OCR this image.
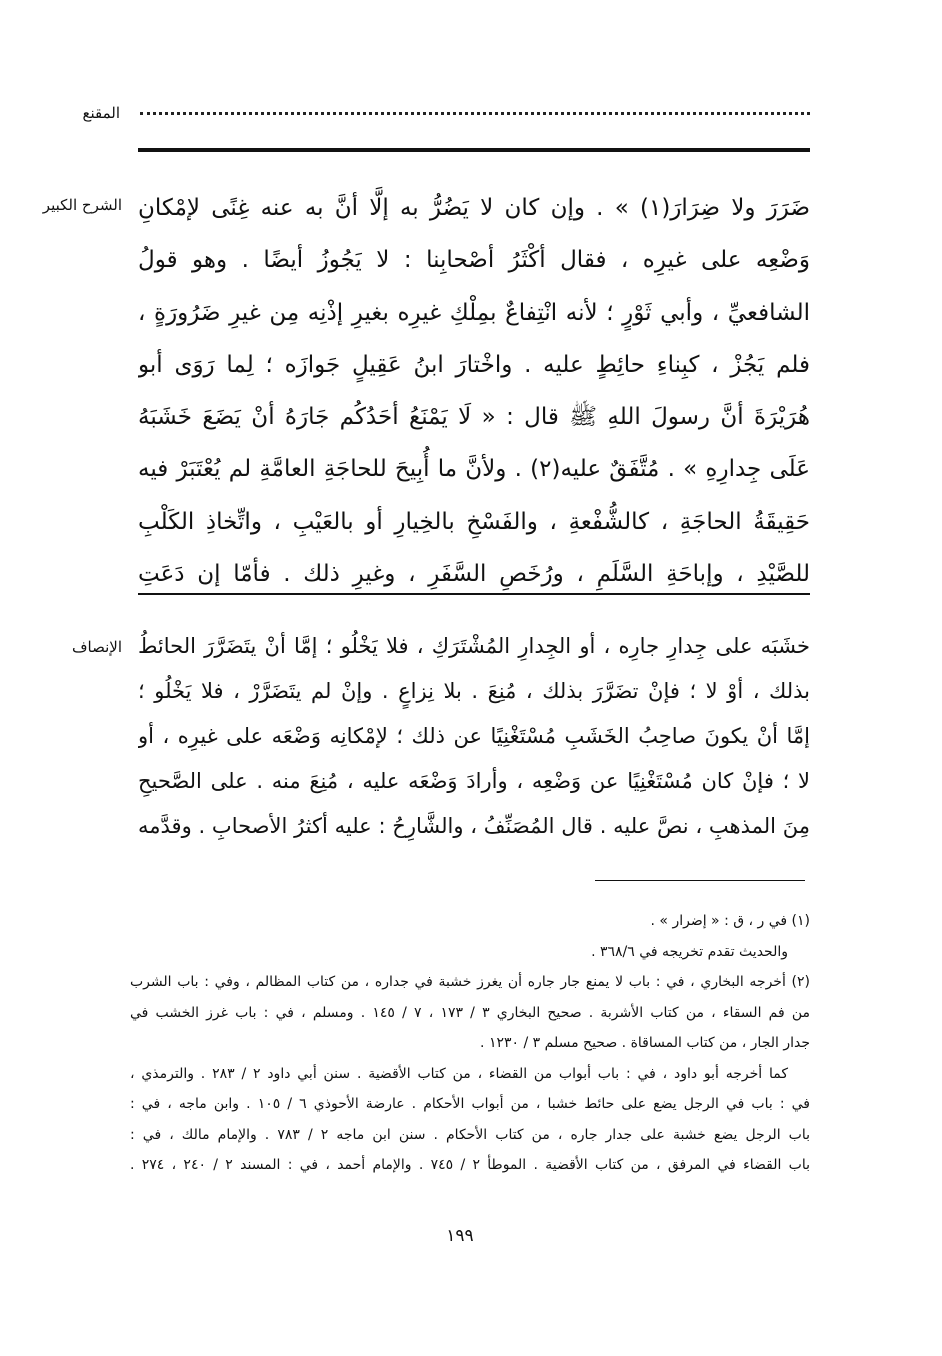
المقنع
الشرح الكبير ضَرَرَ ولا ضِرَارَ(١) » . وإن كان لا يَضُرُّ به إلَّا أنَّ به عنه غِنًى لإمْكانِ
وَضْعِه على غيرِه ، فقال أكْثَرُ أصْحابِنا : لا يَجُوزُ أيضًا . وهو قولُ
الشافعيِّ ، وأبي ثَوْرٍ ؛ لأنه انْتِفاعٌ بمِلْكِ غيرِه بغيرِ إذْنِه مِن غيرِ ضَرُورَةٍ ،
فلم يَجُزْ ، كبِناءِ حائِطٍ عليه . واخْتارَ ابنُ عَقِيلٍ جَوازَه ؛ لِما رَوَى أبو
هُرَيْرَةَ أنَّ رسولَ اللهِ ﷺ قال : « لَا يَمْنَعُ أحَدُكُم جَارَهُ أنْ يَضَعَ خَشَبَهُ
عَلَى جِدارِهِ » . مُتَّفَقٌ عليه(٢) . ولأنَّ ما أُبِيحَ للحاجَةِ العامَّةِ لم يُعْتَبَرْ فيه
حَقِيقَةُ الحاجَةِ ، كالشُّفْعةِ ، والفَسْخِ بالخِيارِ أو بالعَيْبِ ، واتِّخاذِ الكَلْبِ
للصَّيْدِ ، وإباحَةِ السَّلَمِ ، ورُخَصِ السَّفَرِ ، وغيرِ ذلك . فأمّا إن دَعَتِ
الإنصاف خشَبَه على جِدارِ جارِه ، أو الجِدارِ المُشْتَرَكِ ، فلا يَخْلُو ؛ إمَّا أنْ يتَضَرَّرَ الحائطُ
بذلك ، أوْ لا ؛ فإنْ تضَرَّرَ بذلك ، مُنِعَ . بلا نِزاعٍ . وإنْ لم يتَضَرَّرْ ، فلا يَخْلُو ؛
إمَّا أنْ يكونَ صاحِبُ الخَشَبِ مُسْتَغْنِيًا عن ذلك ؛ لإمْكانِه وَضْعَه على غيرِه ، أو
لا ؛ فإنْ كان مُسْتَغْنِيًا عن وَضْعِه ، وأرادَ وَضْعَه عليه ، مُنِعَ منه . على الصَّحيحِ
مِنَ المذهبِ ، نصَّ عليه . قال المُصَنِّفُ ، والشَّارِحُ : عليه أكثرُ الأصحابِ . وقدَّمه
(١) في ر ، ق : « إضرار » .
والحديث تقدم تخريجه في ٣٦٨/٦ .
(٢) أخرجه البخاري ، في : باب لا يمنع جار جاره أن يغرز خشبة في جداره ، من كتاب المظالم ، وفي : باب الشرب
من فم السقاء ، من كتاب الأشربة . صحيح البخاري ٣ / ١٧٣ ، ٧ / ١٤٥ . ومسلم ، في : باب غرز الخشب في
جدار الجار ، من كتاب المساقاة . صحيح مسلم ٣ / ١٢٣٠ .
كما أخرجه أبو داود ، في : باب أبواب من القضاء ، من كتاب الأقضية . سنن أبي داود ٢ / ٢٨٣ . والترمذي ،
في : باب في الرجل يضع على حائط خشبا ، من أبواب الأحكام . عارضة الأحوذي ٦ / ١٠٥ . وابن ماجه ، في :
باب الرجل يضع خشبة على جدار جاره ، من كتاب الأحكام . سنن ابن ماجه ٢ / ٧٨٣ . والإمام مالك ، في :
باب القضاء في المرفق ، من كتاب الأقضية . الموطأ ٢ / ٧٤٥ . والإمام أحمد ، في : المسند ٢ / ٢٤٠ ، ٢٧٤ .
١٩٩
